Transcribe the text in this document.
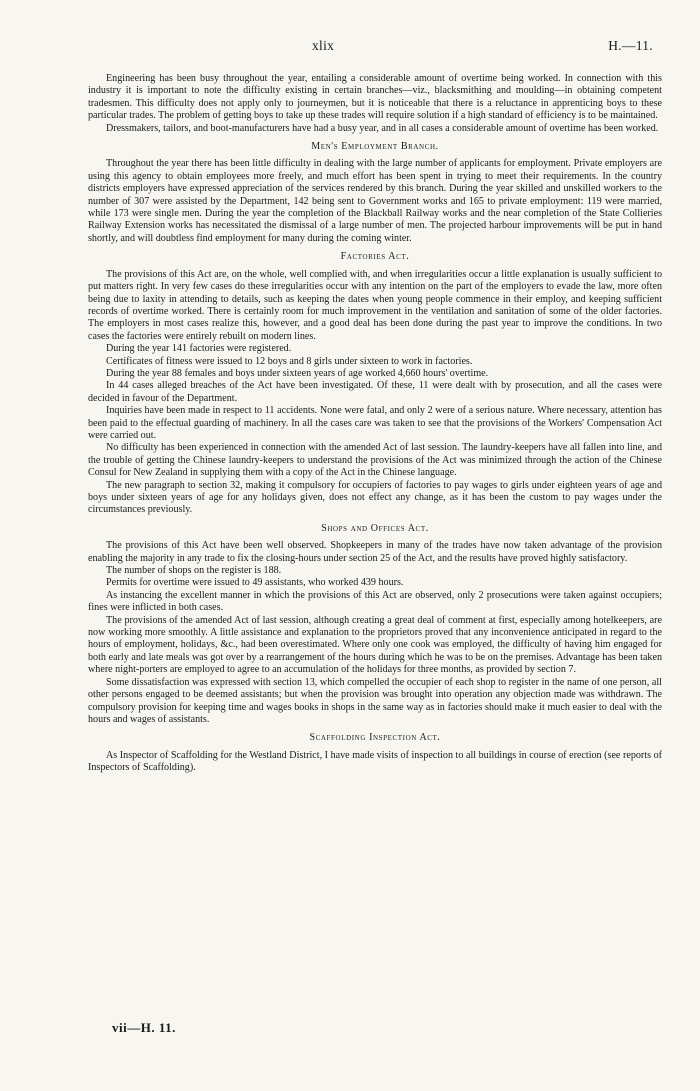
xlix	H.—11.

Engineering has been busy throughout the year, entailing a considerable amount of overtime being worked. In connection with this industry it is important to note the difficulty existing in certain branches—viz., blacksmithing and moulding—in obtaining competent tradesmen. This difficulty does not apply only to journeymen, but it is noticeable that there is a reluctance in apprenticing boys to these particular trades. The problem of getting boys to take up these trades will require solution if a high standard of efficiency is to be maintained.

Dressmakers, tailors, and boot-manufacturers have had a busy year, and in all cases a considerable amount of overtime has been worked.

Men's Employment Branch.

Throughout the year there has been little difficulty in dealing with the large number of applicants for employment. Private employers are using this agency to obtain employees more freely, and much effort has been spent in trying to meet their requirements. In the country districts employers have expressed appreciation of the services rendered by this branch. During the year skilled and unskilled workers to the number of 307 were assisted by the Department, 142 being sent to Government works and 165 to private employment: 119 were married, while 173 were single men. During the year the completion of the Blackball Railway works and the near completion of the State Collieries Railway Extension works has necessitated the dismissal of a large number of men. The projected harbour improvements will be put in hand shortly, and will doubtless find employment for many during the coming winter.

Factories Act.

The provisions of this Act are, on the whole, well complied with, and when irregularities occur a little explanation is usually sufficient to put matters right. In very few cases do these irregularities occur with any intention on the part of the employers to evade the law, more often being due to laxity in attending to details, such as keeping the dates when young people commence in their employ, and keeping sufficient records of overtime worked. There is certainly room for much improvement in the ventilation and sanitation of some of the older factories. The employers in most cases realize this, however, and a good deal has been done during the past year to improve the conditions. In two cases the factories were entirely rebuilt on modern lines.

During the year 141 factories were registered.

Certificates of fitness were issued to 12 boys and 8 girls under sixteen to work in factories.

During the year 88 females and boys under sixteen years of age worked 4,660 hours' overtime.

In 44 cases alleged breaches of the Act have been investigated. Of these, 11 were dealt with by prosecution, and all the cases were decided in favour of the Department.

Inquiries have been made in respect to 11 accidents. None were fatal, and only 2 were of a serious nature. Where necessary, attention has been paid to the effectual guarding of machinery. In all the cases care was taken to see that the provisions of the Workers' Compensation Act were carried out.

No difficulty has been experienced in connection with the amended Act of last session. The laundry-keepers have all fallen into line, and the trouble of getting the Chinese laundry-keepers to understand the provisions of the Act was minimized through the action of the Chinese Consul for New Zealand in supplying them with a copy of the Act in the Chinese language.

The new paragraph to section 32, making it compulsory for occupiers of factories to pay wages to girls under eighteen years of age and boys under sixteen years of age for any holidays given, does not effect any change, as it has been the custom to pay wages under the circumstances previously.

Shops and Offices Act.

The provisions of this Act have been well observed. Shopkeepers in many of the trades have now taken advantage of the provision enabling the majority in any trade to fix the closing-hours under section 25 of the Act, and the results have proved highly satisfactory.

The number of shops on the register is 188.

Permits for overtime were issued to 49 assistants, who worked 439 hours.

As instancing the excellent manner in which the provisions of this Act are observed, only 2 prosecutions were taken against occupiers; fines were inflicted in both cases.

The provisions of the amended Act of last session, although creating a great deal of comment at first, especially among hotelkeepers, are now working more smoothly. A little assistance and explanation to the proprietors proved that any inconvenience anticipated in regard to the hours of employment, holidays, &c., had been overestimated. Where only one cook was employed, the difficulty of having him engaged for both early and late meals was got over by a rearrangement of the hours during which he was to be on the premises. Advantage has been taken where night-porters are employed to agree to an accumulation of the holidays for three months, as provided by section 7.

Some dissatisfaction was expressed with section 13, which compelled the occupier of each shop to register in the name of one person, all other persons engaged to be deemed assistants; but when the provision was brought into operation any objection made was withdrawn. The compulsory provision for keeping time and wages books in shops in the same way as in factories should make it much easier to deal with the hours and wages of assistants.

Scaffolding Inspection Act.

As Inspector of Scaffolding for the Westland District, I have made visits of inspection to all buildings in course of erection (see reports of Inspectors of Scaffolding).

vii—H. 11.
